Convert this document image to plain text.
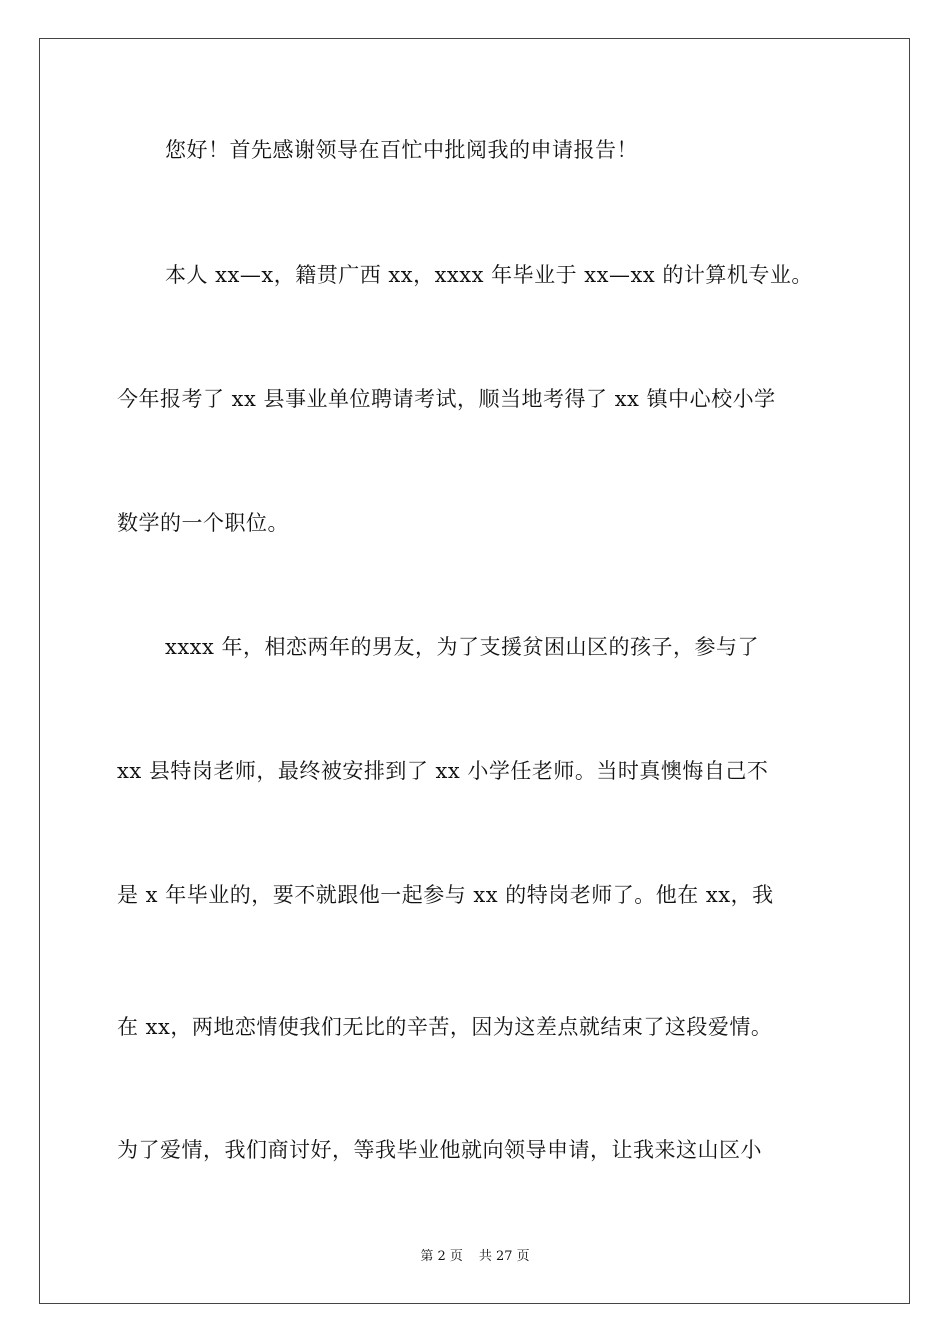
您好！首先感谢领导在百忙中批阅我的申请报告！
本人 xx—x，籍贯广西 xx，xxxx 年毕业于 xx—xx 的计算机专业。
今年报考了 xx 县事业单位聘请考试，顺当地考得了 xx 镇中心校小学
数学的一个职位。
xxxx 年，相恋两年的男友，为了支援贫困山区的孩子，参与了
xx 县特岗老师，最终被安排到了 xx 小学任老师。当时真懊悔自己不
是 x 年毕业的，要不就跟他一起参与 xx 的特岗老师了。他在 xx，我
在 xx，两地恋情使我们无比的辛苦，因为这差点就结束了这段爱情。
为了爱情，我们商讨好，等我毕业他就向领导申请，让我来这山区小
第 2 页 共 27 页
